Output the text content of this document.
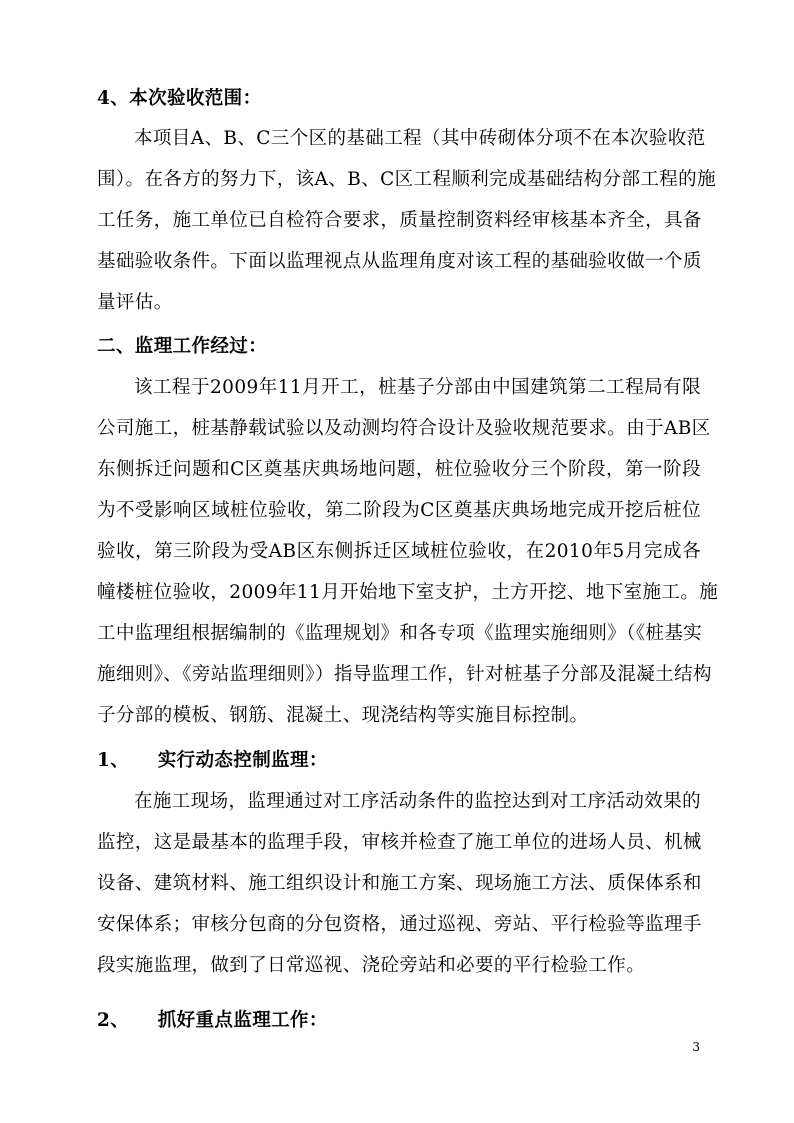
4、本次验收范围：
本项目A、B、C三个区的基础工程（其中砖砌体分项不在本次验收范
围）。在各方的努力下，该A、B、C区工程顺利完成基础结构分部工程的施
工任务，施工单位已自检符合要求，质量控制资料经审核基本齐全，具备
基础验收条件。下面以监理视点从监理角度对该工程的基础验收做一个质
量评估。
二、监理工作经过：
该工程于2009年11月开工，桩基子分部由中国建筑第二工程局有限
公司施工，桩基静载试验以及动测均符合设计及验收规范要求。由于AB区
东侧拆迁问题和C区奠基庆典场地问题，桩位验收分三个阶段，第一阶段
为不受影响区域桩位验收，第二阶段为C区奠基庆典场地完成开挖后桩位
验收，第三阶段为受AB区东侧拆迁区域桩位验收，在2010年5月完成各
幢楼桩位验收，2009年11月开始地下室支护，土方开挖、地下室施工。施
工中监理组根据编制的《监理规划》和各专项《监理实施细则》（《桩基实
施细则》、《旁站监理细则》）指导监理工作，针对桩基子分部及混凝土结构
子分部的模板、钢筋、混凝土、现浇结构等实施目标控制。
1、　　实行动态控制监理：
在施工现场，监理通过对工序活动条件的监控达到对工序活动效果的
监控，这是最基本的监理手段，审核并检查了施工单位的进场人员、机械
设备、建筑材料、施工组织设计和施工方案、现场施工方法、质保体系和
安保体系；审核分包商的分包资格，通过巡视、旁站、平行检验等监理手
段实施监理，做到了日常巡视、浇砼旁站和必要的平行检验工作。
2、　　抓好重点监理工作：
3
